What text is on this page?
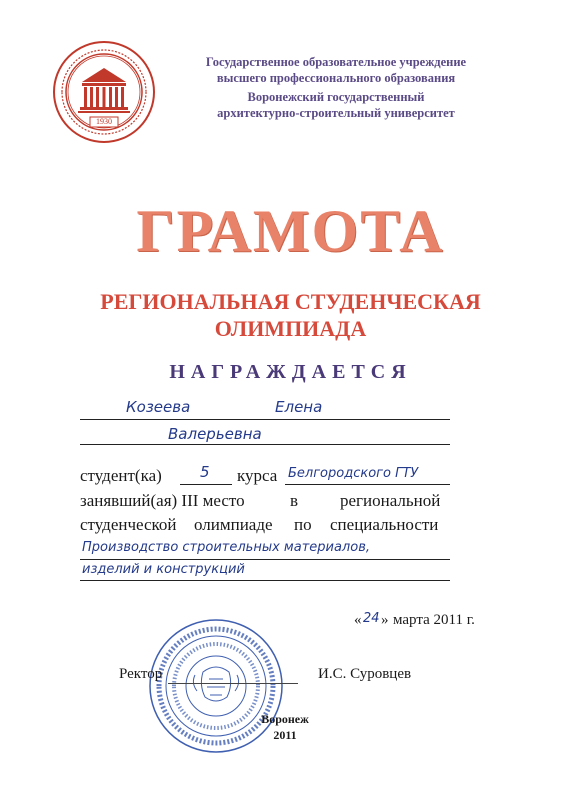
1930
Государственное образовательное учреждение
высшего профессионального образования
Воронежский государственный
архитектурно-строительный университет
ГРАМОТА
РЕГИОНАЛЬНАЯ СТУДЕНЧЕСКАЯ
ОЛИМПИАДА
НАГРАЖДАЕТСЯ
Козеева	Елена
Валерьевна
студент(ка)	5 курса Белгородского ГТУ
занявший(ая) III место	в региональной
студенческой олимпиаде по специальности
Производство строительных материалов,
изделий и конструкций
« 24 » марта 2011 г.
Ректор	И.С. Суровцев
Воронеж
2011
